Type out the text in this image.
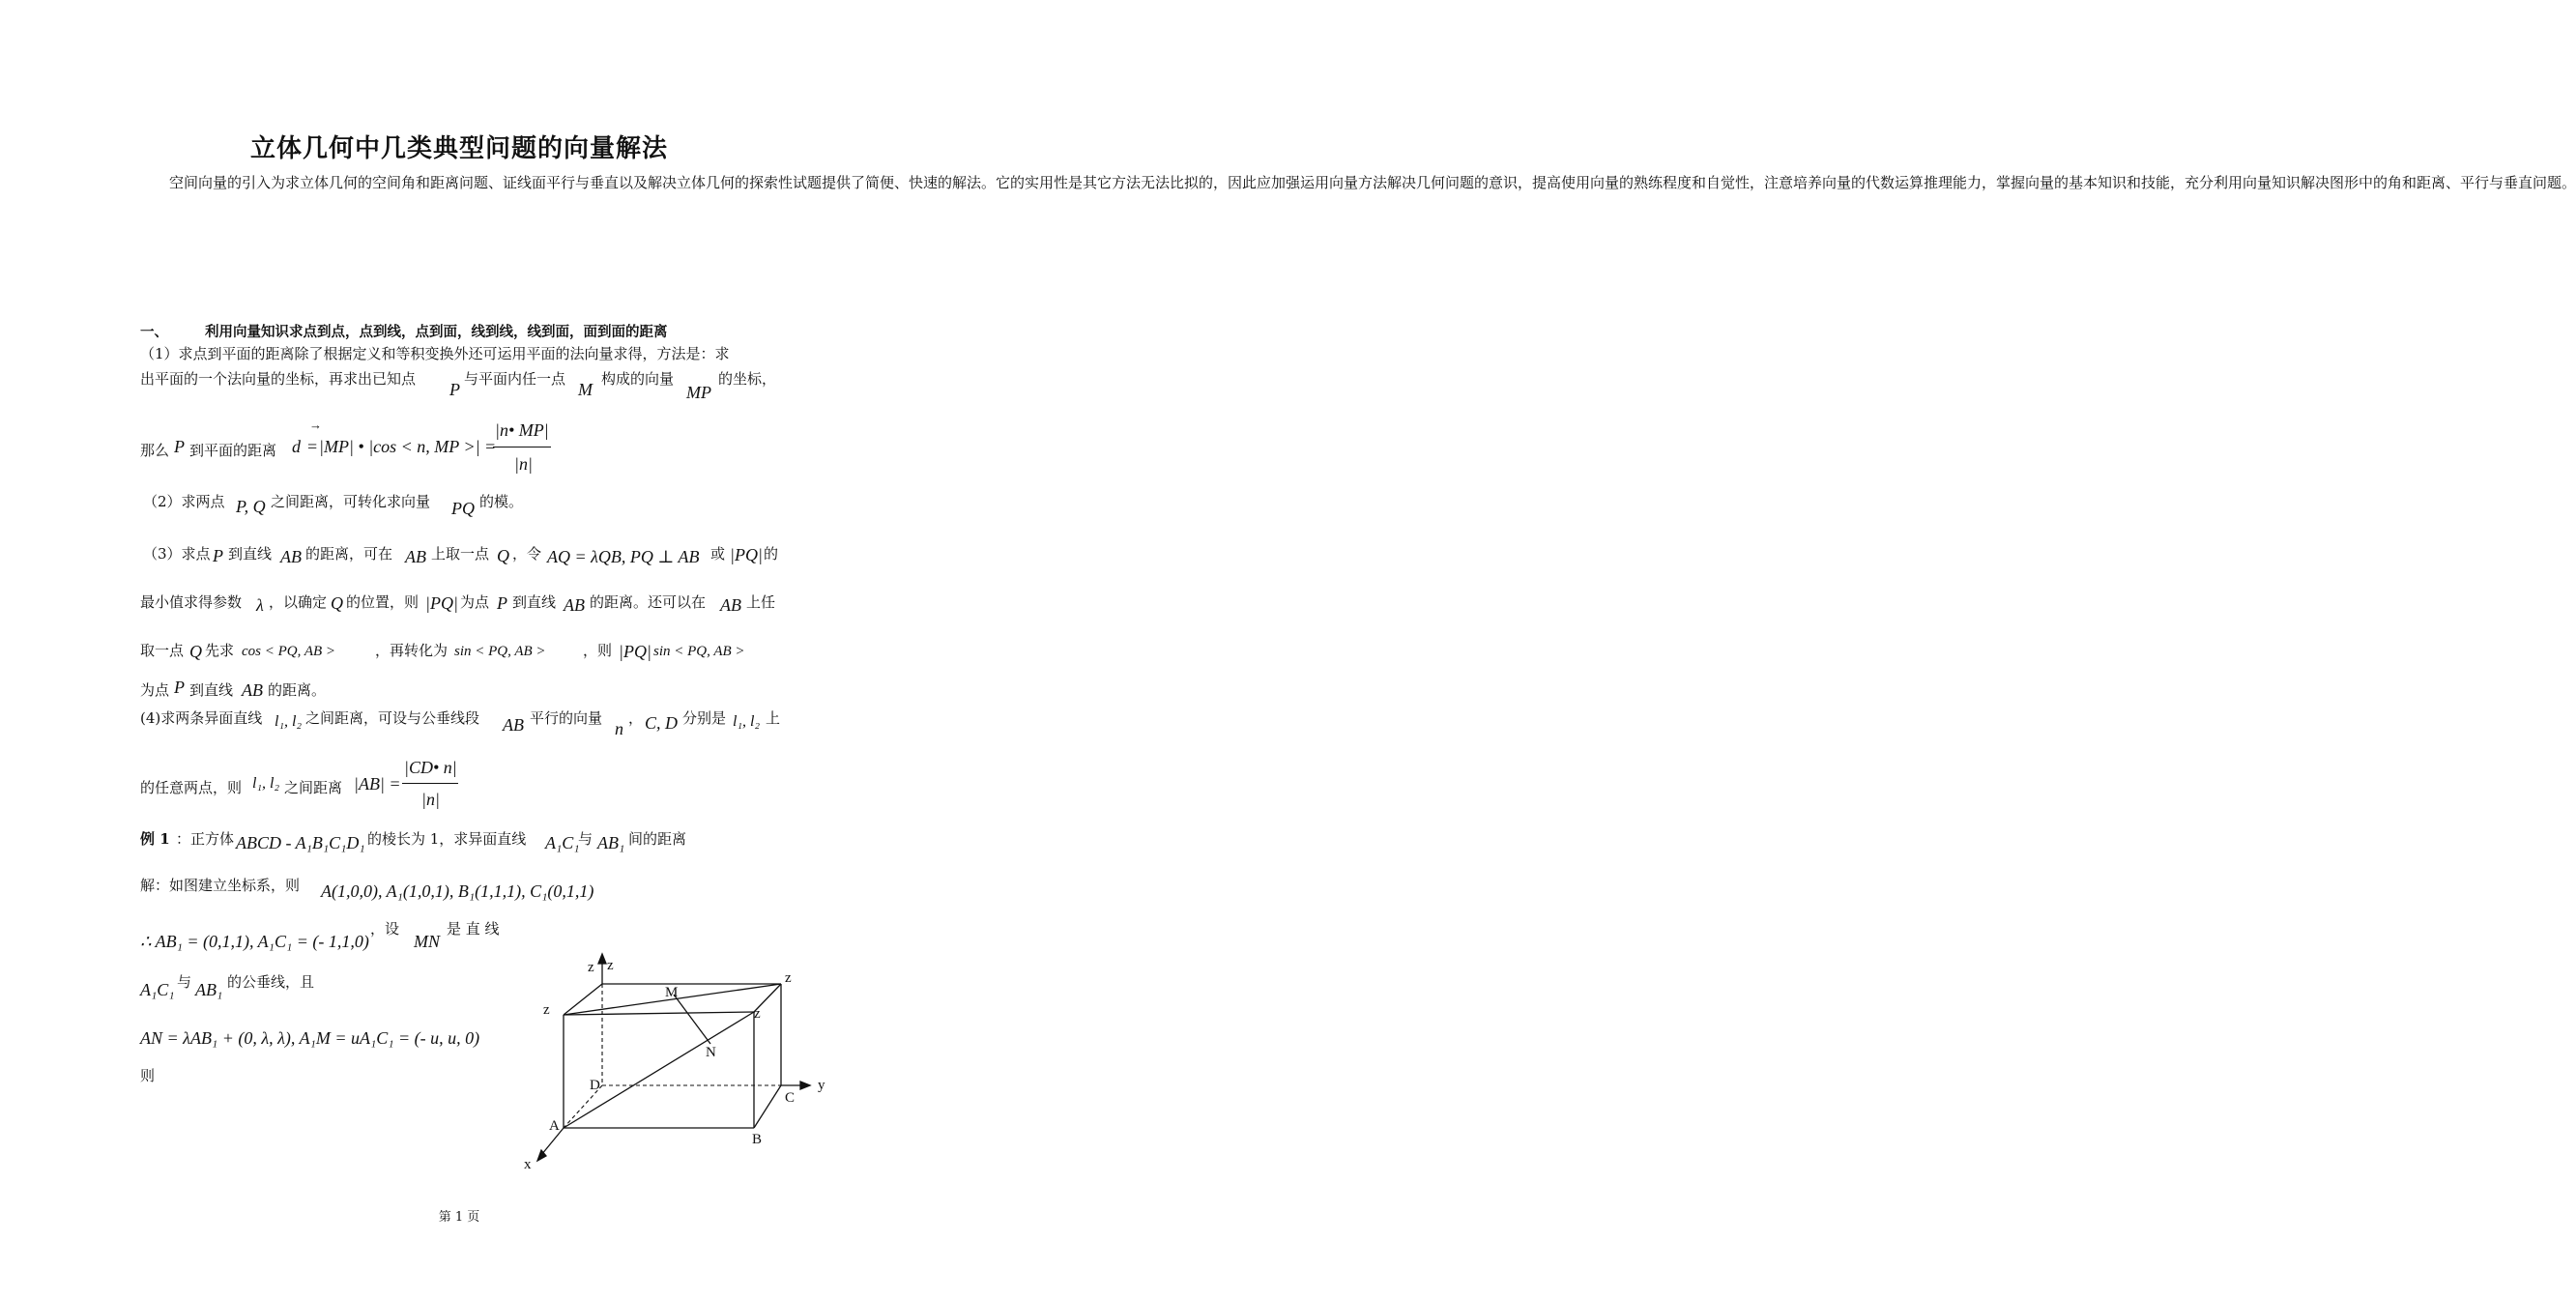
立体几何中几类典型问题的向量解法

空间向量的引入为求立体几何的空间角和距离问题、证线面平行与垂直以及解决立体几何的探索性试题提供了简便、快速的解法。它的实用性是其它方法无法比拟的，因此应加强运用向量方法解决几何问题的意识，提高使用向量的熟练程度和自觉性，注意培养向量的代数运算推理能力，掌握向量的基本知识和技能，充分利用向量知识解决图形中的角和距离、平行与垂直问题。

一、	利用向量知识求点到点，点到线，点到面，线到线，线到面，面到面的距离
（1）求点到平面的距离除了根据定义和等积变换外还可运用平面的法向量求得，方法是：求
出平面的一个法向量的坐标，再求出已知点
P
与平面内任一点
M
构成的向量
MP
的坐标，
那么 P 到平面的距离 d =
→
|MP| • |cos < n, MP >| =
|n• MP|
|n|
（2）求两点 P, Q 之间距离，可转化求向量 PQ 的模。
（3）求点 P 到直线 AB 的距离，可在 AB 上取一点 Q ，令 AQ = λQB, PQ ⊥ AB 或 |PQ| 的
最小值求得参数 λ ，以确定 Q 的位置，则 |PQ| 为点 P 到直线 AB 的距离。还可以在 AB 上任
取一点 Q 先求 cos < PQ, AB >	，再转化为 sin < PQ, AB >	，则 |PQ| sin < PQ, AB >
为点 P 到直线 AB 的距离。
(4)求两条异面直线 l₁, l₂ 之间距离，可设与公垂线段 AB 平行的向量
n
， C, D 分别是 l₁, l₂ 上
的任意两点，则 l₁, l₂ 之间距离 |AB| =
|CD• n|
|n|
例 1 ：正方体 ABCD - A₁B₁C₁D₁ 的棱长为 1，求异面直线 A₁C₁
与 AB₁ 间的距离
解：如图建立坐标系，则 A(1,0,0), A₁(1,0,1), B₁(1,1,1), C₁(0,1,1)
∴ AB₁ = (0,1,1), A₁C₁ = (- 1,1,0)
，设
MN
是 直 线
A₁C₁ 与 AB₁ 的公垂线，且
AN = λAB₁ + (0, λ, λ), A₁M = uA₁C₁ = (- u, u, 0)
则
z z
z
z	z
M
N
D	y
C
A
B
x
第 1 页
